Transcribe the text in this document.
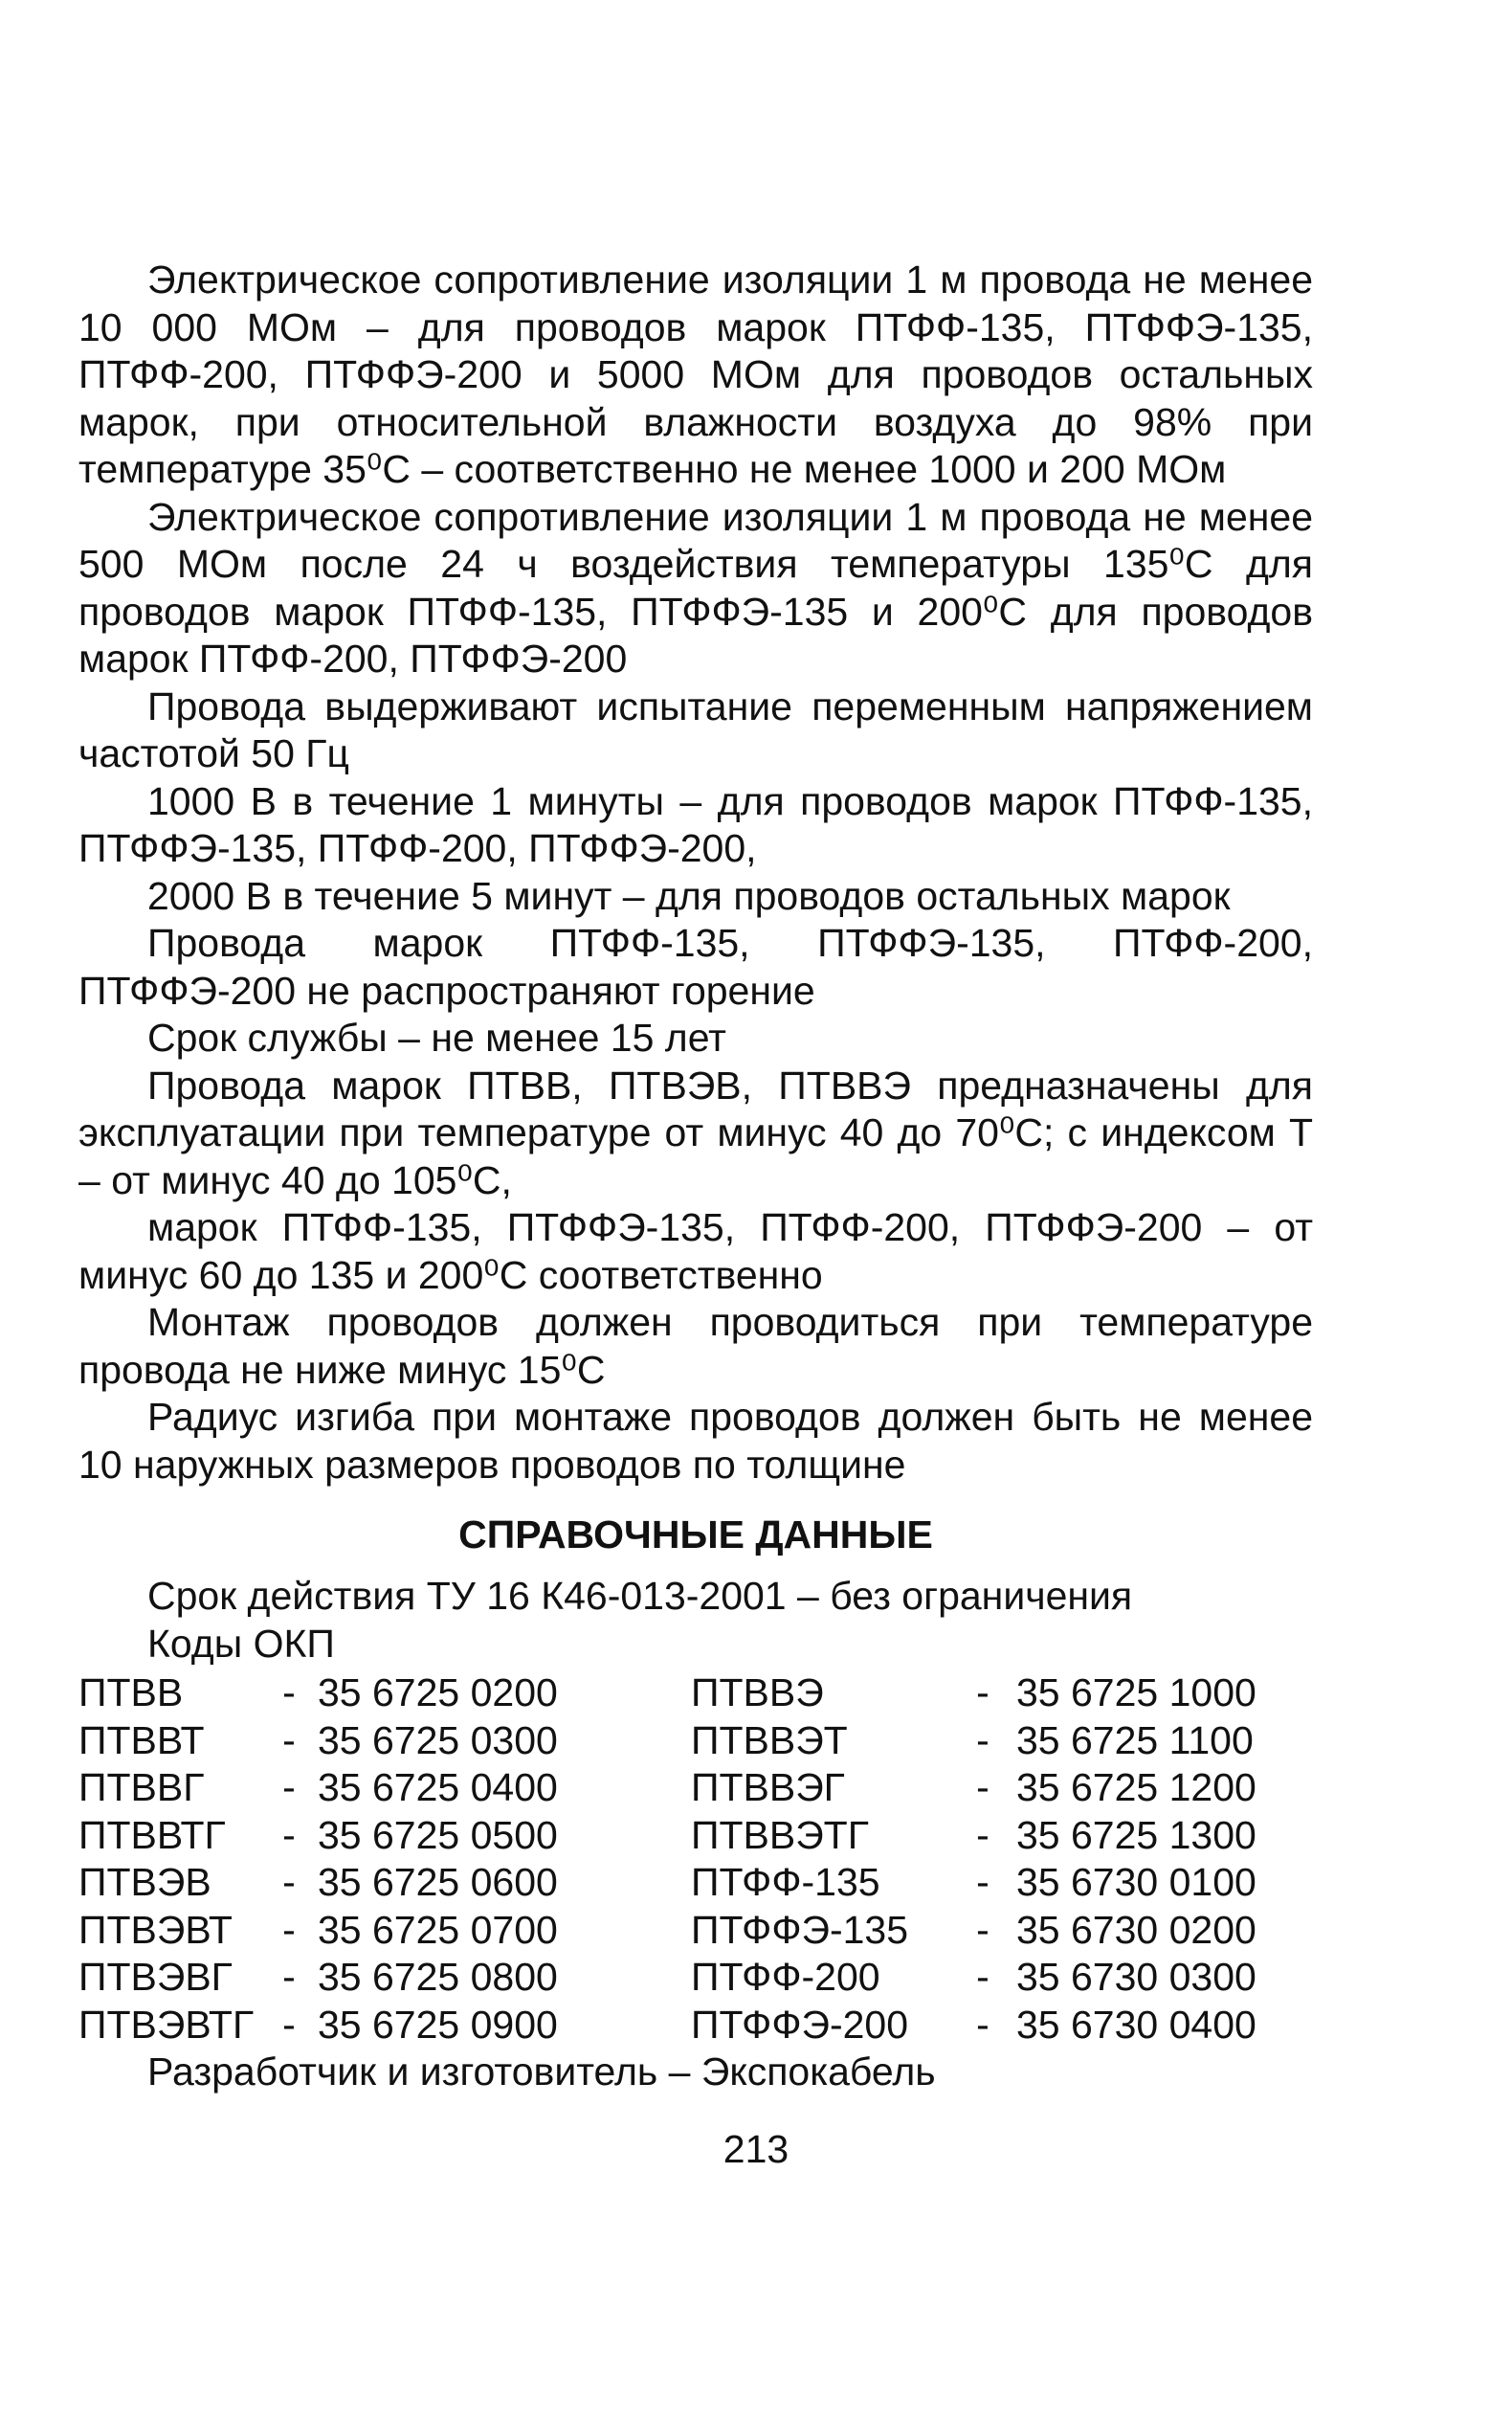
Электрическое сопротивление изоляции 1 м провода не менее 10 000 МОм – для проводов марок ПТФФ-135, ПТФФЭ-135, ПТФФ-200, ПТФФЭ-200 и 5000 МОм для проводов остальных марок, при относительной влажности воздуха до 98% при температуре 35⁰С – соответственно не менее 1000 и 200 МОм

Электрическое сопротивление изоляции 1 м провода не менее 500 МОм после 24 ч воздействия температуры 135⁰С для проводов марок ПТФФ-135, ПТФФЭ-135 и 200⁰С для проводов марок ПТФФ-200, ПТФФЭ-200

Провода выдерживают испытание переменным напряжением частотой 50 Гц

1000 В в течение 1 минуты – для проводов марок ПТФФ-135, ПТФФЭ-135, ПТФФ-200, ПТФФЭ-200,

2000 В в течение 5 минут – для проводов остальных марок

Провода марок ПТФФ-135, ПТФФЭ-135, ПТФФ-200, ПТФФЭ-200 не распространяют горение

Срок службы – не менее 15 лет

Провода марок ПТВВ, ПТВЭВ, ПТВВЭ предназначены для эксплуатации при температуре от минус 40 до 70⁰С; с индексом Т – от минус 40 до 105⁰С,

марок ПТФФ-135, ПТФФЭ-135, ПТФФ-200, ПТФФЭ-200 – от минус 60 до 135 и 200⁰С соответственно

Монтаж проводов должен проводиться при температуре провода не ниже минус 15⁰С

Радиус изгиба при монтаже проводов должен быть не менее 10 наружных размеров проводов по толщине

СПРАВОЧНЫЕ ДАННЫЕ

Срок действия ТУ 16 К46-013-2001 – без ограничения

Коды ОКП

ПТВВ	- 35 6725 0200	ПТВВЭ	- 35 6725 1000
ПТВВТ	- 35 6725 0300	ПТВВЭТ	- 35 6725 1100
ПТВВГ	- 35 6725 0400	ПТВВЭГ	- 35 6725 1200
ПТВВТГ	- 35 6725 0500	ПТВВЭТГ	- 35 6725 1300
ПТВЭВ	- 35 6725 0600	ПТФФ-135	- 35 6730 0100
ПТВЭВТ	- 35 6725 0700	ПТФФЭ-135	- 35 6730 0200
ПТВЭВГ	- 35 6725 0800	ПТФФ-200	- 35 6730 0300
ПТВЭВТГ - 35 6725 0900	ПТФФЭ-200	- 35 6730 0400

Разработчик и изготовитель – Экспокабель

213
